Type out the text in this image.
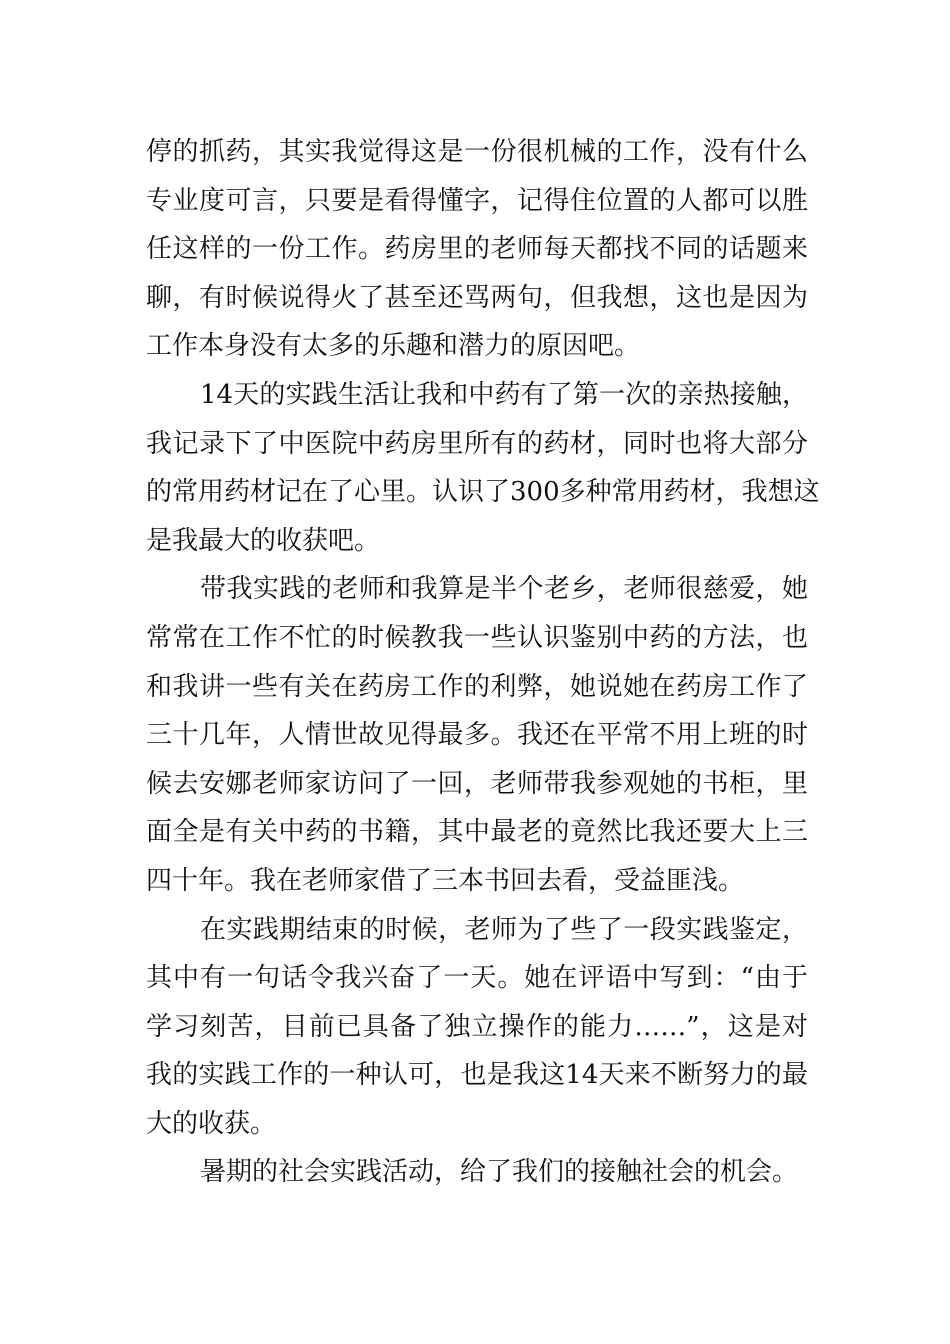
停的抓药，其实我觉得这是一份很机械的工作，没有什么
专业度可言，只要是看得懂字，记得住位置的人都可以胜
任这样的一份工作。药房里的老师每天都找不同的话题来
聊，有时候说得火了甚至还骂两句，但我想，这也是因为
工作本身没有太多的乐趣和潜力的原因吧。
14天的实践生活让我和中药有了第一次的亲热接触，
我记录下了中医院中药房里所有的药材，同时也将大部分
的常用药材记在了心里。认识了300多种常用药材，我想这
是我最大的收获吧。
带我实践的老师和我算是半个老乡，老师很慈爱，她
常常在工作不忙的时候教我一些认识鉴别中药的方法，也
和我讲一些有关在药房工作的利弊，她说她在药房工作了
三十几年，人情世故见得最多。我还在平常不用上班的时
候去安娜老师家访问了一回，老师带我参观她的书柜，里
面全是有关中药的书籍，其中最老的竟然比我还要大上三
四十年。我在老师家借了三本书回去看，受益匪浅。
在实践期结束的时候，老师为了些了一段实践鉴定，
其中有一句话令我兴奋了一天。她在评语中写到：“由于
学习刻苦，目前已具备了独立操作的能力……”，这是对
我的实践工作的一种认可，也是我这14天来不断努力的最
大的收获。
暑期的社会实践活动，给了我们的接触社会的机会。
